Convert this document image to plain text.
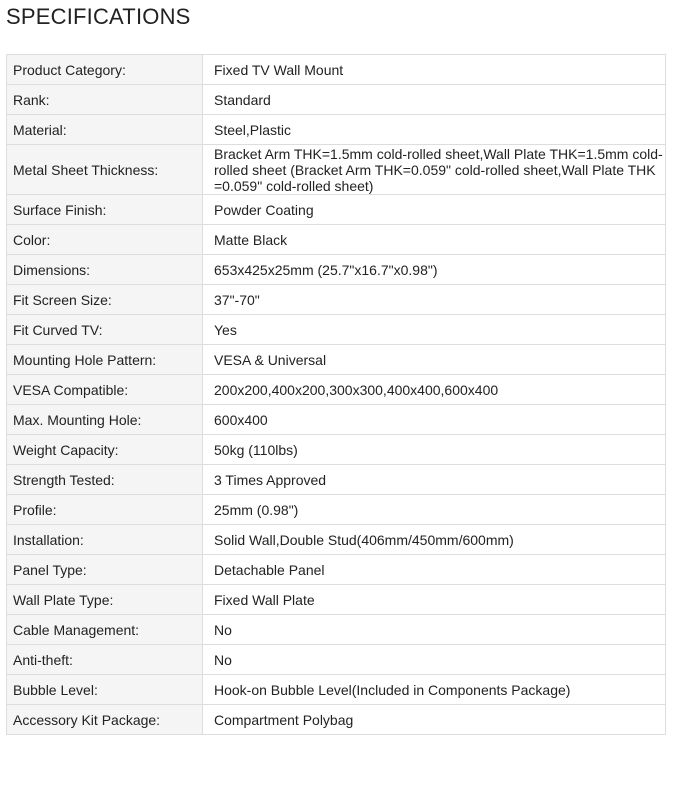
SPECIFICATIONS
Product Category:	Fixed TV Wall Mount
Rank:	Standard
Material:	Steel,Plastic
Metal Sheet Thickness:	Bracket Arm THK=1.5mm cold-rolled sheet,Wall Plate THK=1.5mm cold-rolled sheet (Bracket Arm THK=0.059" cold-rolled sheet,Wall Plate THK=0.059" cold-rolled sheet)
Surface Finish:	Powder Coating
Color:	Matte Black
Dimensions:	653x425x25mm (25.7"x16.7"x0.98")
Fit Screen Size:	37"-70"
Fit Curved TV:	Yes
Mounting Hole Pattern:	VESA & Universal
VESA Compatible:	200x200,400x200,300x300,400x400,600x400
Max. Mounting Hole:	600x400
Weight Capacity:	50kg (110lbs)
Strength Tested:	3 Times Approved
Profile:	25mm (0.98")
Installation:	Solid Wall,Double Stud(406mm/450mm/600mm)
Panel Type:	Detachable Panel
Wall Plate Type:	Fixed Wall Plate
Cable Management:	No
Anti-theft:	No
Bubble Level:	Hook-on Bubble Level(Included in Components Package)
Accessory Kit Package:	Compartment Polybag
